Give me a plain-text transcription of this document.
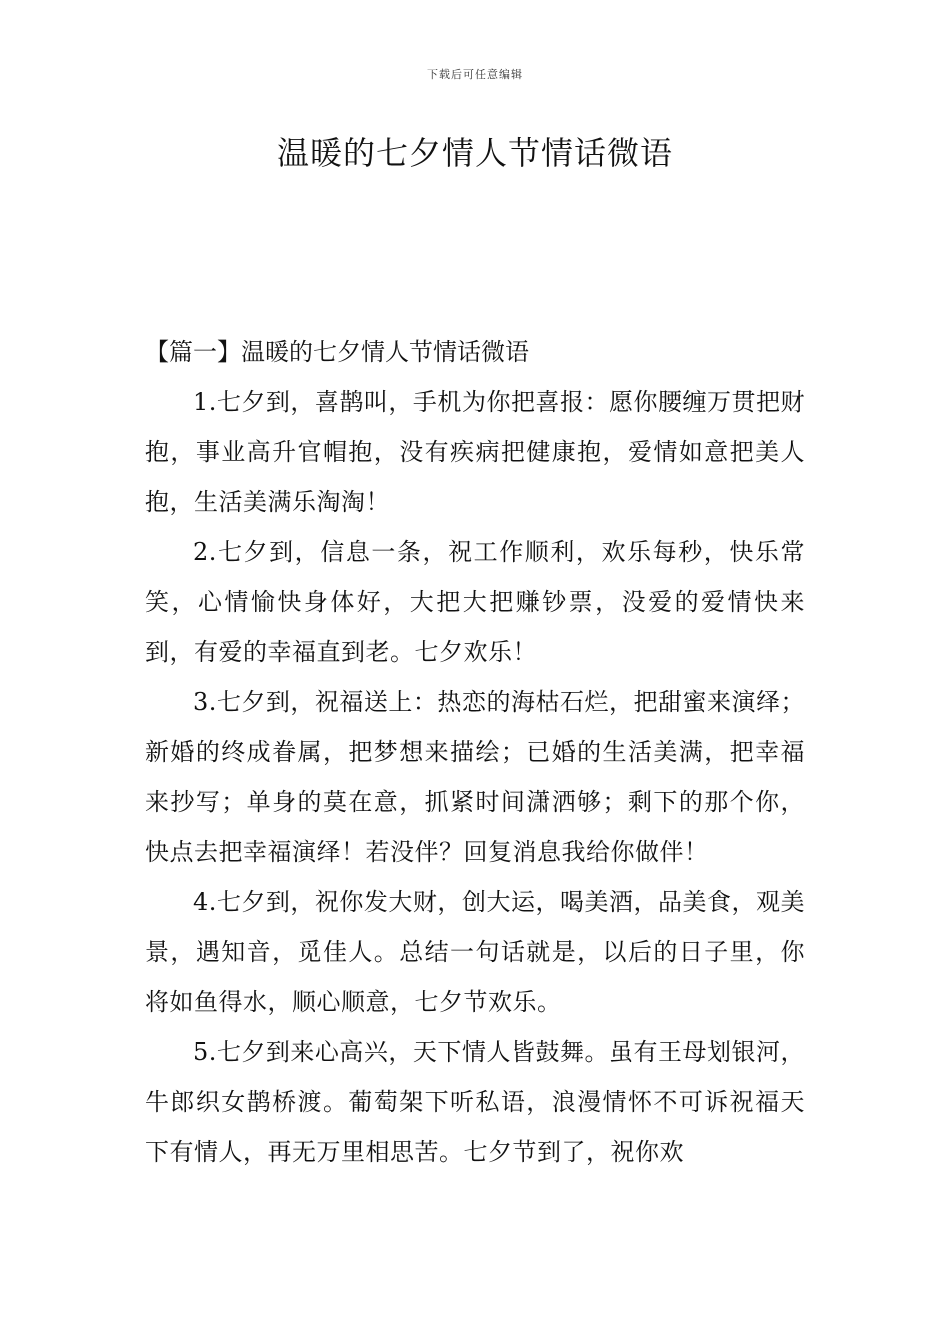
下载后可任意编辑
温暖的七夕情人节情话微语

【篇一】温暖的七夕情人节情话微语

1.七夕到，喜鹊叫，手机为你把喜报：愿你腰缠万贯把财抱，事业高升官帽抱，没有疾病把健康抱，爱情如意把美人抱，生活美满乐淘淘！

2.七夕到，信息一条，祝工作顺利，欢乐每秒，快乐常笑，心情愉快身体好，大把大把赚钞票，没爱的爱情快来到，有爱的幸福直到老。七夕欢乐！

3.七夕到，祝福送上：热恋的海枯石烂，把甜蜜来演绎；新婚的终成眷属，把梦想来描绘；已婚的生活美满，把幸福来抄写；单身的莫在意，抓紧时间潇洒够；剩下的那个你，快点去把幸福演绎！若没伴？回复消息我给你做伴！

4.七夕到，祝你发大财，创大运，喝美酒，品美食，观美景，遇知音，觅佳人。总结一句话就是，以后的日子里，你将如鱼得水，顺心顺意，七夕节欢乐。

5.七夕到来心高兴，天下情人皆鼓舞。虽有王母划银河，牛郎织女鹊桥渡。葡萄架下听私语，浪漫情怀不可诉祝福天下有情人，再无万里相思苦。七夕节到了，祝你欢
